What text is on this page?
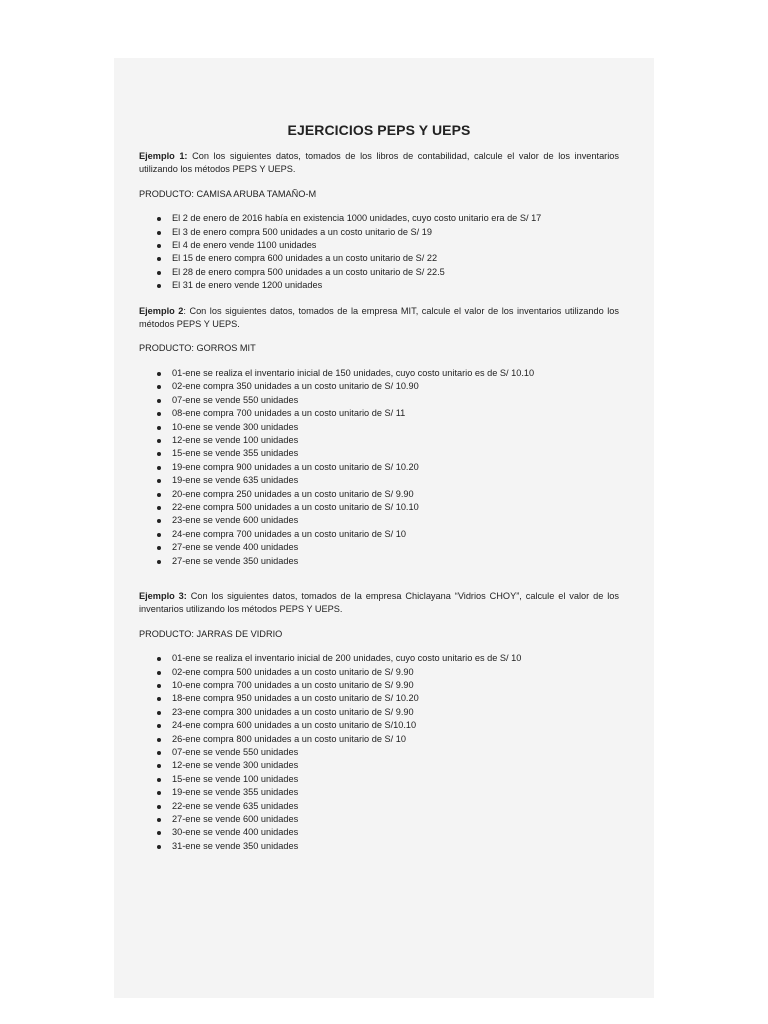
EJERCICIOS PEPS Y UEPS

Ejemplo 1: Con los siguientes datos, tomados de los libros de contabilidad, calcule el valor de los inventarios utilizando los métodos PEPS Y UEPS.

PRODUCTO: CAMISA ARUBA TAMAÑO-M

El 2 de enero de 2016 había en existencia 1000 unidades, cuyo costo unitario era de S/ 17
El 3 de enero compra 500 unidades a un costo unitario de S/ 19
El 4 de enero vende 1100 unidades
El 15 de enero compra 600 unidades a un costo unitario de S/ 22
El 28 de enero compra 500 unidades a un costo unitario de S/ 22.5
El 31 de enero vende 1200 unidades

Ejemplo 2: Con los siguientes datos, tomados de la empresa MIT, calcule el valor de los inventarios utilizando los métodos PEPS Y UEPS.

PRODUCTO: GORROS MIT

01-ene se realiza el inventario inicial de 150 unidades, cuyo costo unitario es de S/ 10.10
02-ene compra 350 unidades a un costo unitario de S/ 10.90
07-ene se vende 550 unidades
08-ene compra 700 unidades a un costo unitario de S/ 11
10-ene se vende 300 unidades
12-ene se vende 100 unidades
15-ene se vende 355 unidades
19-ene compra 900 unidades a un costo unitario de S/ 10.20
19-ene se vende 635 unidades
20-ene compra 250 unidades a un costo unitario de S/ 9.90
22-ene compra 500 unidades a un costo unitario de S/ 10.10
23-ene se vende 600 unidades
24-ene compra 700 unidades a un costo unitario de S/ 10
27-ene se vende 400 unidades
27-ene se vende 350 unidades

Ejemplo 3: Con los siguientes datos, tomados de la empresa Chiclayana “Vidrios CHOY”, calcule el valor de los inventarios utilizando los métodos PEPS Y UEPS.

PRODUCTO: JARRAS DE VIDRIO

01-ene se realiza el inventario inicial de 200 unidades, cuyo costo unitario es de S/ 10
02-ene compra 500 unidades a un costo unitario de S/ 9.90
10-ene compra 700 unidades a un costo unitario de S/ 9.90
18-ene compra 950 unidades a un costo unitario de S/ 10.20
23-ene compra 300 unidades a un costo unitario de S/ 9.90
24-ene compra 600 unidades a un costo unitario de S/10.10
26-ene compra 800 unidades a un costo unitario de S/ 10
07-ene se vende 550 unidades
12-ene se vende 300 unidades
15-ene se vende 100 unidades
19-ene se vende 355 unidades
22-ene se vende 635 unidades
27-ene se vende 600 unidades
30-ene se vende 400 unidades
31-ene se vende 350 unidades
